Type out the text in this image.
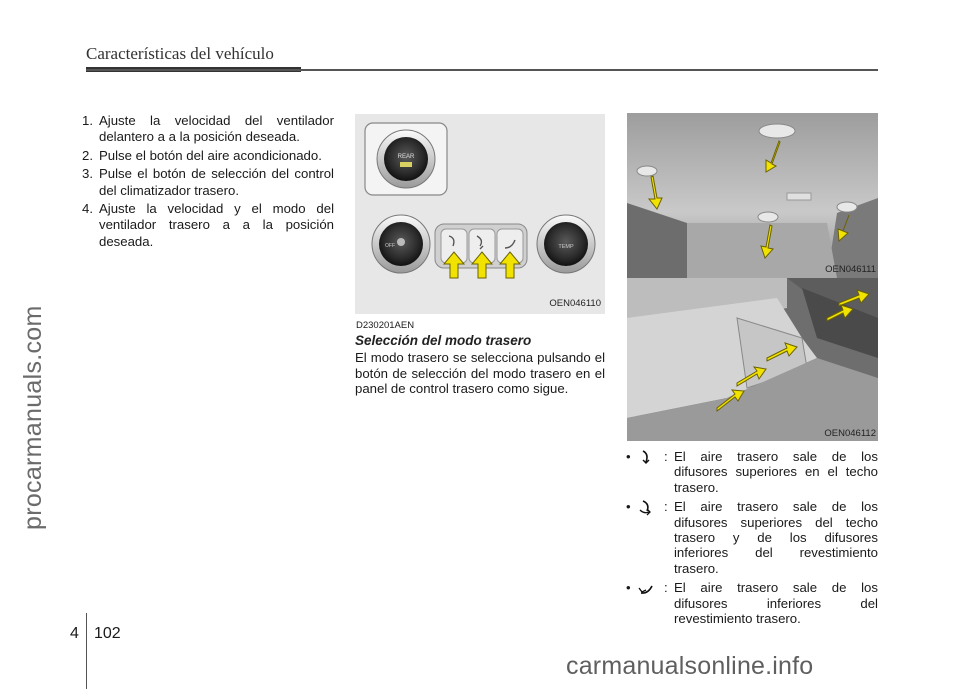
Características del vehículo
procarmanuals.com
1. Ajuste la velocidad del ventilador delantero a a la posición deseada.
2. Pulse el botón del aire acondicionado.
3. Pulse el botón de selección del control del climatizador trasero.
4. Ajuste la velocidad y el modo del ventilador trasero a a la posición deseada.
REAR
OFF	TEMP
OEN046110
D230201AEN
Selección del modo trasero
El modo trasero se selecciona pulsando el botón de selección del modo trasero en el panel de control trasero como sigue.
OEN046111
OEN046112
•	: El aire trasero sale de los difusores superiores en el techo trasero.
•	: El aire trasero sale de los difusores superiores del techo trasero y de los difusores inferiores del revestimiento trasero.
•	: El aire trasero sale de los difusores inferiores del revestimiento trasero.
4 102
carmanualsonline.info
